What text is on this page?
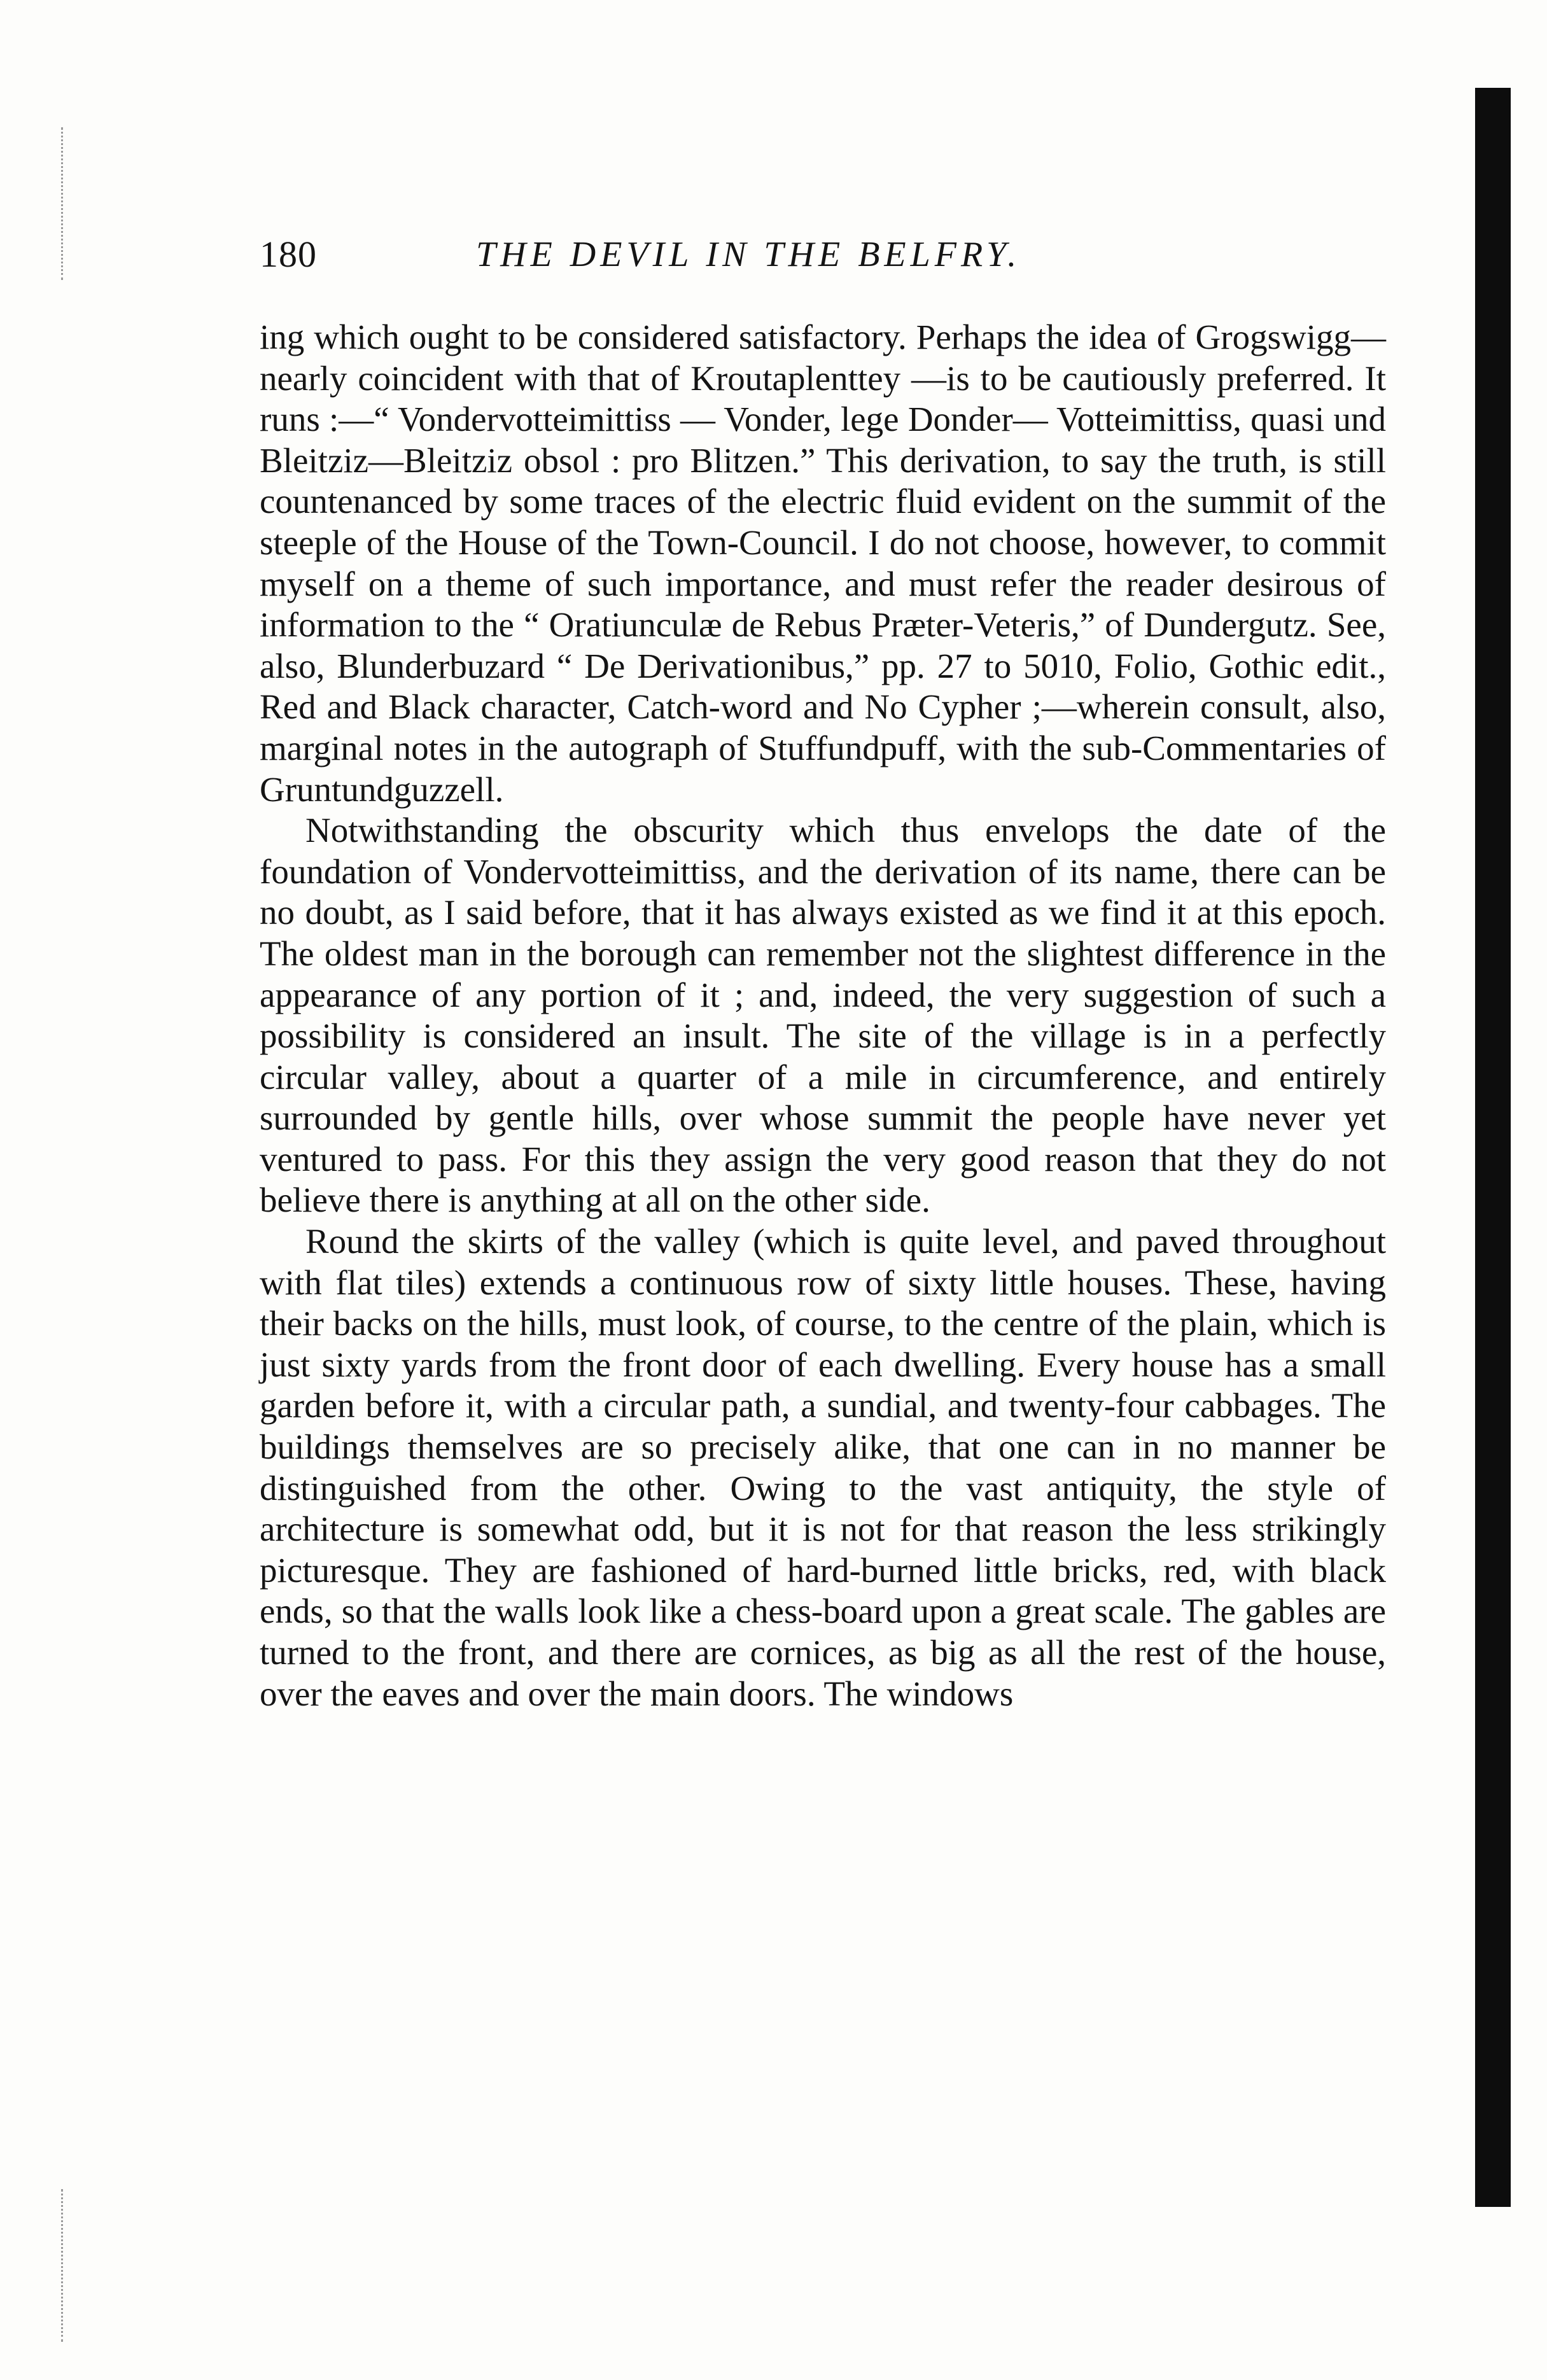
180	THE DEVIL IN THE BELFRY.

ing which ought to be considered satisfactory. Perhaps the idea of Grogswigg—nearly coincident with that of Kroutaplenttey —is to be cautiously preferred. It runs :—“ Vondervotteimittiss — Vonder, lege Donder— Votteimittiss, quasi und Bleitziz—Bleitziz obsol : pro Blitzen.” This derivation, to say the truth, is still countenanced by some traces of the electric fluid evident on the summit of the steeple of the House of the Town-Council. I do not choose, however, to commit myself on a theme of such importance, and must refer the reader desirous of information to the “ Oratiunculæ de Rebus Præter-Veteris,” of Dundergutz. See, also, Blunderbuzard “ De Derivationibus,” pp. 27 to 5010, Folio, Gothic edit., Red and Black character, Catch-word and No Cypher ;—wherein consult, also, marginal notes in the autograph of Stuffundpuff, with the sub-Commentaries of Gruntundguzzell.

Notwithstanding the obscurity which thus envelops the date of the foundation of Vondervotteimittiss, and the derivation of its name, there can be no doubt, as I said before, that it has always existed as we find it at this epoch. The oldest man in the borough can remember not the slightest difference in the appearance of any portion of it ; and, indeed, the very suggestion of such a possibility is considered an insult. The site of the village is in a perfectly circular valley, about a quarter of a mile in circumference, and entirely surrounded by gentle hills, over whose summit the people have never yet ventured to pass. For this they assign the very good reason that they do not believe there is anything at all on the other side.

Round the skirts of the valley (which is quite level, and paved throughout with flat tiles) extends a continuous row of sixty little houses. These, having their backs on the hills, must look, of course, to the centre of the plain, which is just sixty yards from the front door of each dwelling. Every house has a small garden before it, with a circular path, a sundial, and twenty-four cabbages. The buildings themselves are so precisely alike, that one can in no manner be distinguished from the other. Owing to the vast antiquity, the style of architecture is somewhat odd, but it is not for that reason the less strikingly picturesque. They are fashioned of hard-burned little bricks, red, with black ends, so that the walls look like a chess-board upon a great scale. The gables are turned to the front, and there are cornices, as big as all the rest of the house, over the eaves and over the main doors. The windows
